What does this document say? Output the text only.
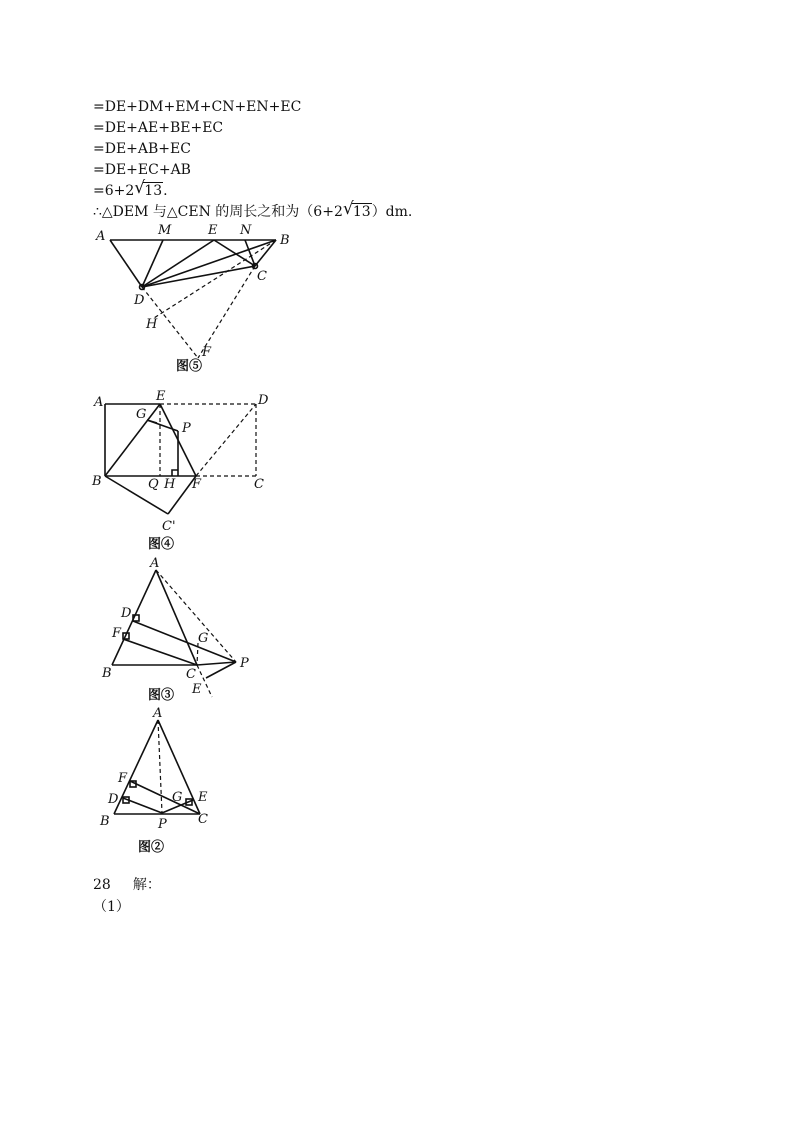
=DE+DM+EM+CN+EN+EC
=DE+AE+BE+EC
=DE+AB+EC
=DE+EC+AB
=6+2 √ 13.
∴△DEM 与△CEN 的周长之和为（6+2 √ 13）dm.
A	M	E N
B
C
D
H
F
图⑤
A	E	D
G
P
B	Q H F	C
C'
图④
A
D
F	G
B	C
P
E
图③
A
F
D	G E
B	P C
图②
28 解：
（1）
